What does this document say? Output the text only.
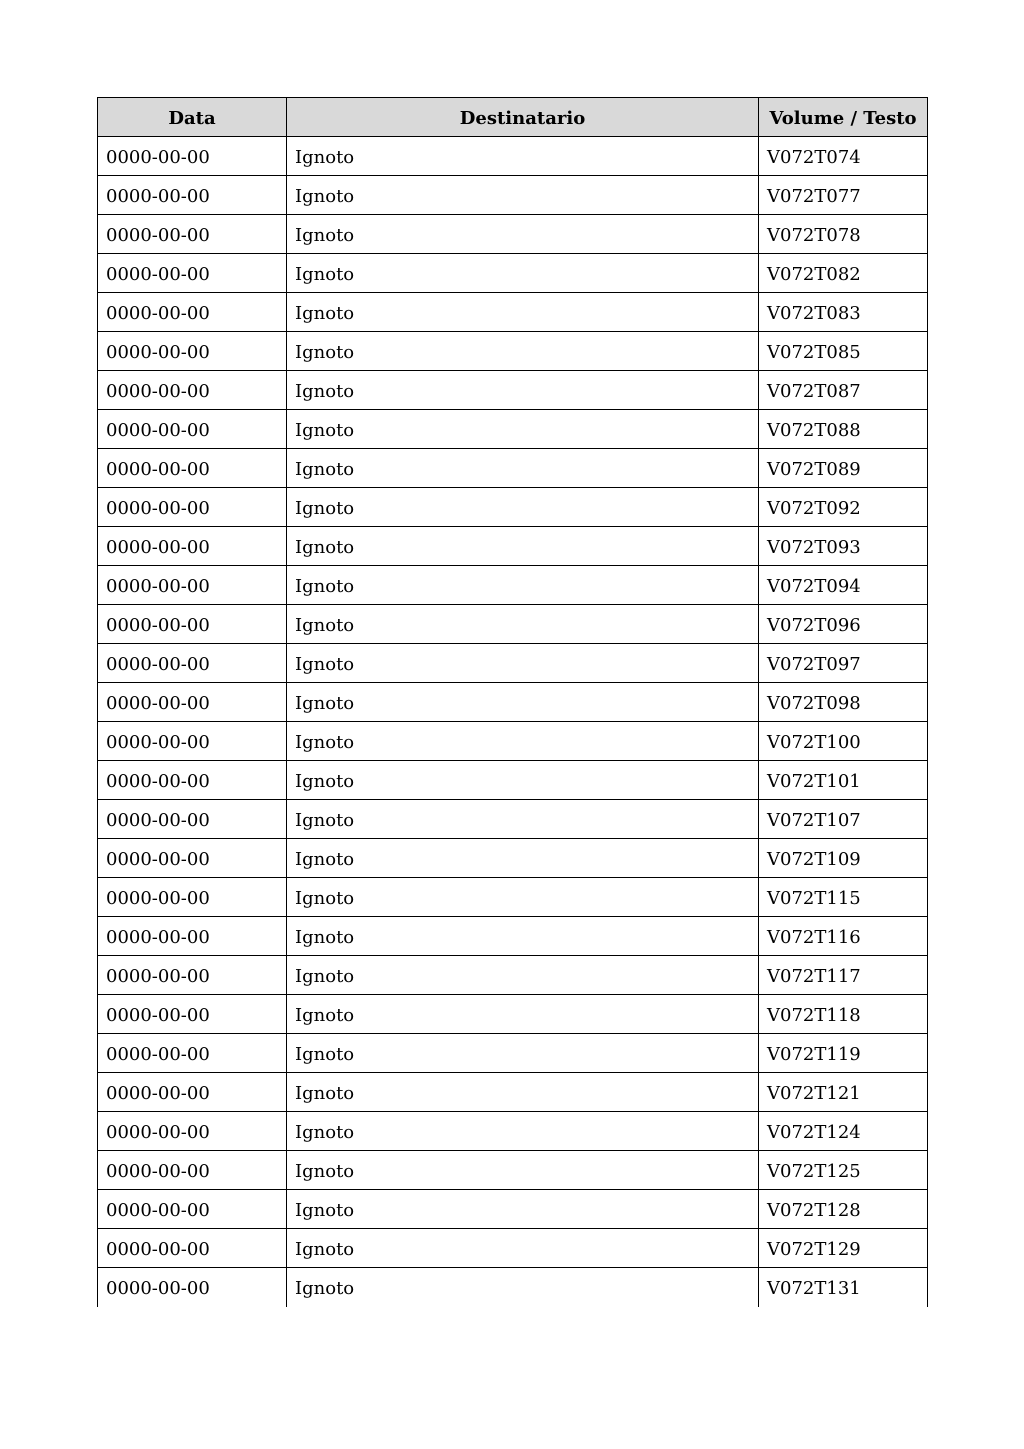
Data	Destinatario	Volume / Testo
0000-00-00	Ignoto	V072T074
0000-00-00	Ignoto	V072T077
0000-00-00	Ignoto	V072T078
0000-00-00	Ignoto	V072T082
0000-00-00	Ignoto	V072T083
0000-00-00	Ignoto	V072T085
0000-00-00	Ignoto	V072T087
0000-00-00	Ignoto	V072T088
0000-00-00	Ignoto	V072T089
0000-00-00	Ignoto	V072T092
0000-00-00	Ignoto	V072T093
0000-00-00	Ignoto	V072T094
0000-00-00	Ignoto	V072T096
0000-00-00	Ignoto	V072T097
0000-00-00	Ignoto	V072T098
0000-00-00	Ignoto	V072T100
0000-00-00	Ignoto	V072T101
0000-00-00	Ignoto	V072T107
0000-00-00	Ignoto	V072T109
0000-00-00	Ignoto	V072T115
0000-00-00	Ignoto	V072T116
0000-00-00	Ignoto	V072T117
0000-00-00	Ignoto	V072T118
0000-00-00	Ignoto	V072T119
0000-00-00	Ignoto	V072T121
0000-00-00	Ignoto	V072T124
0000-00-00	Ignoto	V072T125
0000-00-00	Ignoto	V072T128
0000-00-00	Ignoto	V072T129
0000-00-00	Ignoto	V072T131
